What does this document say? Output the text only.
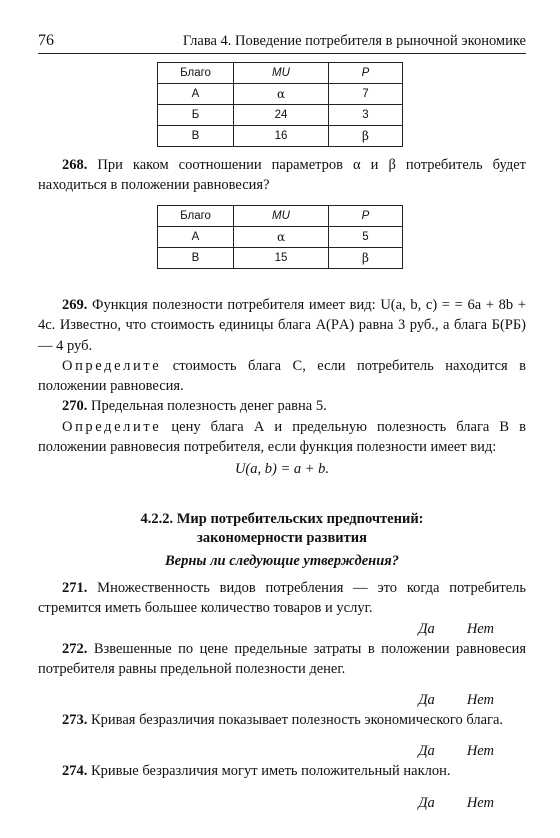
76	Глава 4. Поведение потребителя в рыночной экономике
Благо	MU	P
А	α	7
Б	24	3
В	16	β

268. При каком соотношении параметров α и β потребитель будет находиться в положении равновесия?

Благо	MU	P
А	α	5
В	15	β

269. Функция полезности потребителя имеет вид: U(a, b, c) = = 6a + 8b + 4c. Известно, что стоимость единицы блага А(PА) равна 3 руб., а блага Б(PБ) — 4 руб.

Определите стоимость блага С, если потребитель находится в положении равновесия.

270. Предельная полезность денег равна 5.

Определите цену блага А и предельную полезность блага В в положении равновесия потребителя, если функция полезности имеет вид:

U(a, b) = a + b.

4.2.2. Мир потребительских предпочтений:
закономерности развития
Верны ли следующие утверждения?

271. Множественность видов потребления — это когда потребитель стремится иметь большее количество товаров и услуг.

Да Нет

272. Взвешенные по цене предельные затраты в положении равновесия потребителя равны предельной полезности денег.

Да Нет

273. Кривая безразличия показывает полезность экономического блага.

Да Нет

274. Кривые безразличия могут иметь положительный наклон.

Да Нет
